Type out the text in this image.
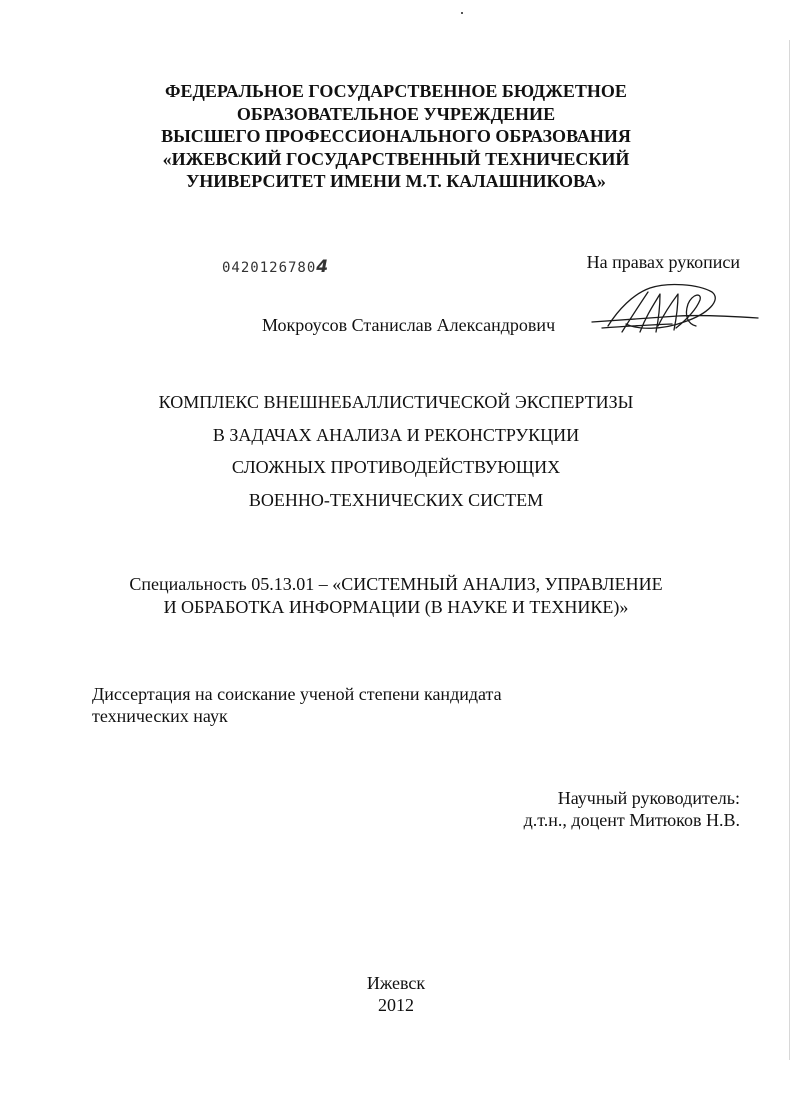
ФЕДЕРАЛЬНОЕ ГОСУДАРСТВЕННОЕ БЮДЖЕТНОЕ
ОБРАЗОВАТЕЛЬНОЕ УЧРЕЖДЕНИЕ
ВЫСШЕГО ПРОФЕССИОНАЛЬНОГО ОБРАЗОВАНИЯ
«ИЖЕВСКИЙ ГОСУДАРСТВЕННЫЙ ТЕХНИЧЕСКИЙ
УНИВЕРСИТЕТ ИМЕНИ М.Т. КАЛАШНИКОВА»
04201267804	На правах рукописи
Мокроусов Станислав Александрович
КОМПЛЕКС ВНЕШНЕБАЛЛИСТИЧЕСКОЙ ЭКСПЕРТИЗЫ
В ЗАДАЧАХ АНАЛИЗА И РЕКОНСТРУКЦИИ
СЛОЖНЫХ ПРОТИВОДЕЙСТВУЮЩИХ
ВОЕННО-ТЕХНИЧЕСКИХ СИСТЕМ
Специальность 05.13.01 – «СИСТЕМНЫЙ АНАЛИЗ, УПРАВЛЕНИЕ
И ОБРАБОТКА ИНФОРМАЦИИ (В НАУКЕ И ТЕХНИКЕ)»
Диссертация на соискание ученой степени кандидата
технических наук
Научный руководитель:
д.т.н., доцент Митюков Н.В.
Ижевск
2012
